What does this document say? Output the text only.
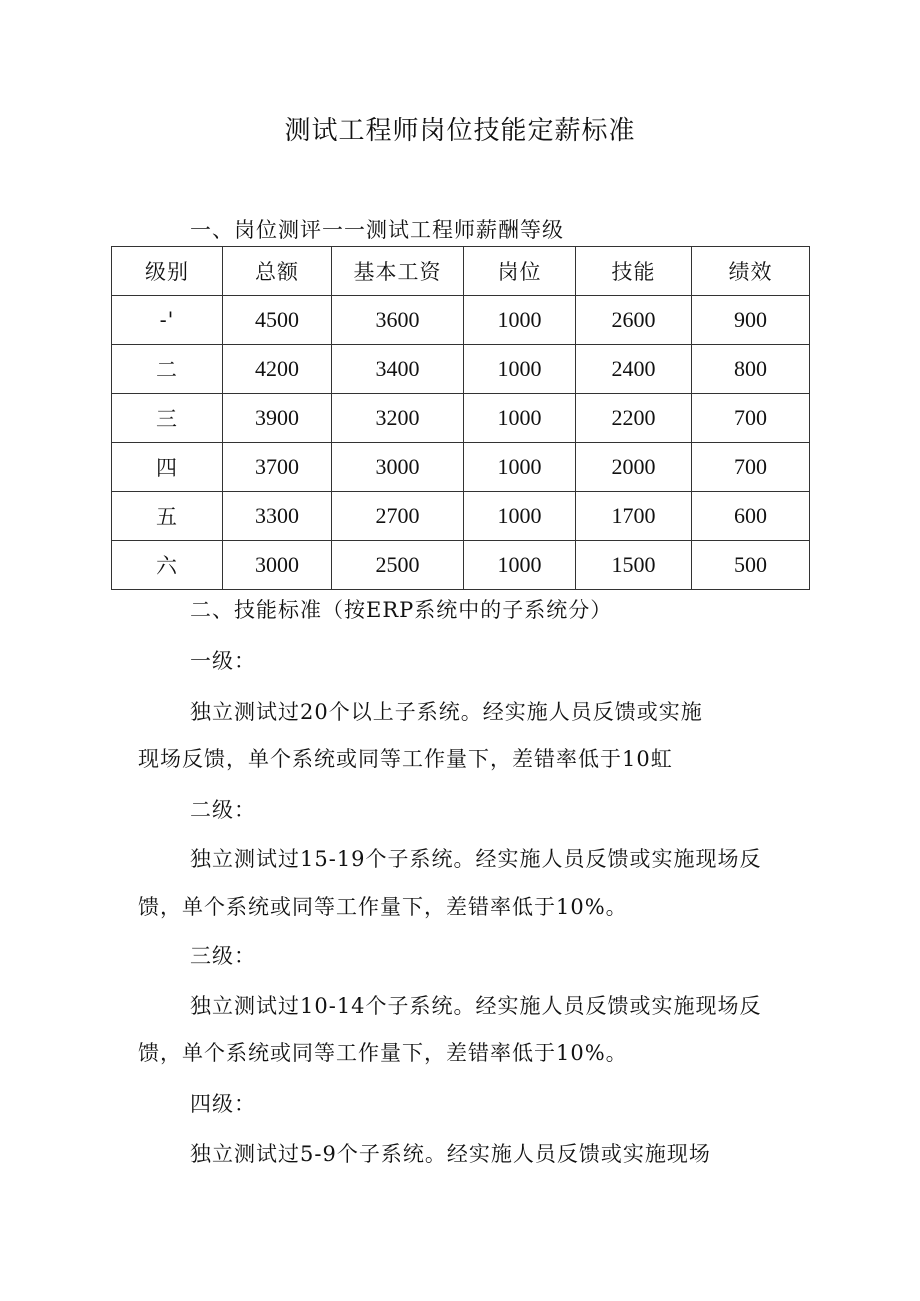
测试工程师岗位技能定薪标准
一、岗位测评一一测试工程师薪酬等级
级别	总额	基本工资	岗位	技能	绩效
-'	4500	3600	1000	2600	900
二	4200	3400	1000	2400	800
三	3900	3200	1000	2200	700
四	3700	3000	1000	2000	700
五	3300	2700	1000	1700	600
六	3000	2500	1000	1500	500
二、技能标准（按ERP系统中的子系统分）
一级：
独立测试过20个以上子系统。经实施人员反馈或实施
现场反馈，单个系统或同等工作量下，差错率低于10虹
二级：
独立测试过15-19个子系统。经实施人员反馈或实施现场反
馈，单个系统或同等工作量下，差错率低于10%。
三级：
独立测试过10-14个子系统。经实施人员反馈或实施现场反
馈，单个系统或同等工作量下，差错率低于10%。
四级：
独立测试过5-9个子系统。经实施人员反馈或实施现场
